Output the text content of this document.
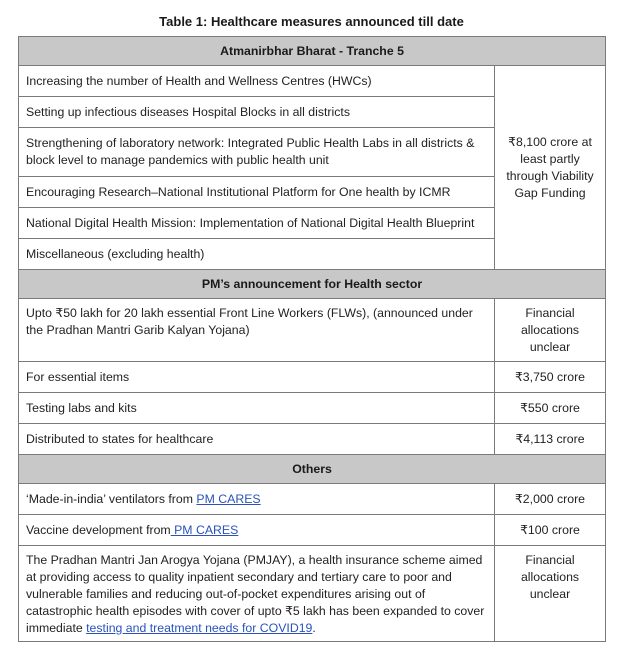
Table 1: Healthcare measures announced till date
Atmanirbhar Bharat - Tranche 5	
Increasing the number of Health and Wellness Centres (HWCs)	₹8,100 crore at least partly through Viability Gap Funding
Setting up infectious diseases Hospital Blocks in all districts	
Strengthening of laboratory network: Integrated Public Health Labs in all districts & block level to manage pandemics with public health unit	
Encouraging Research–National Institutional Platform for One health by ICMR	
National Digital Health Mission: Implementation of National Digital Health Blueprint	
Miscellaneous (excluding health)	
PM’s announcement for Health sector	
Upto ₹50 lakh for 20 lakh essential Front Line Workers (FLWs), (announced under the Pradhan Mantri Garib Kalyan Yojana)	Financial allocations unclear
For essential items	₹3,750 crore
Testing labs and kits	₹550 crore
Distributed to states for healthcare	₹4,113 crore
Others	
‘Made-in-india’ ventilators from PM CARES	₹2,000 crore
Vaccine development from PM CARES	₹100 crore
The Pradhan Mantri Jan Arogya Yojana (PMJAY), a health insurance scheme aimed at providing access to quality inpatient secondary and tertiary care to poor and vulnerable families and reducing out-of-pocket expenditures arising out of catastrophic health episodes with cover of upto ₹5 lakh has been expanded to cover immediate testing and treatment needs for COVID19.	Financial allocations unclear
